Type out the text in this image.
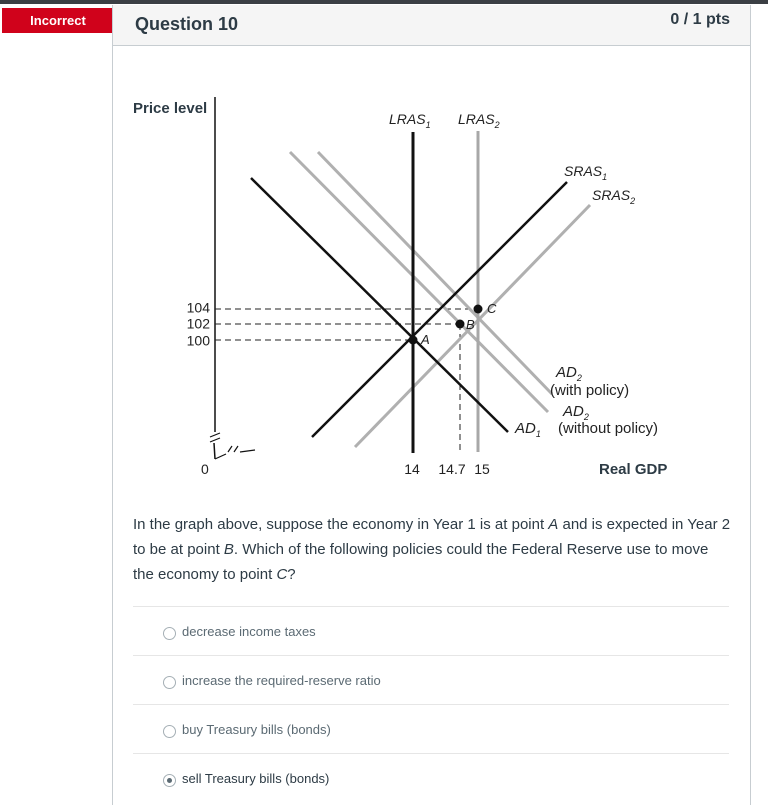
Incorrect	Question 10	0 / 1 pts
A
B
C
Price level
Real GDP
0
104
102
100
14 14.7 15
$LRAS_1$ $LRAS_2$
$SRAS_1$
$SRAS_2$
$AD_2$
(with policy)
$AD_2$
(without policy)
$AD_1$
In the graph above, suppose the economy in Year 1 is at point A and is expected in Year 2 to be at point B. Which of the following policies could the Federal Reserve use to move the economy to point C?
decrease income taxes
increase the required-reserve ratio
buy Treasury bills (bonds)
sell Treasury bills (bonds)
